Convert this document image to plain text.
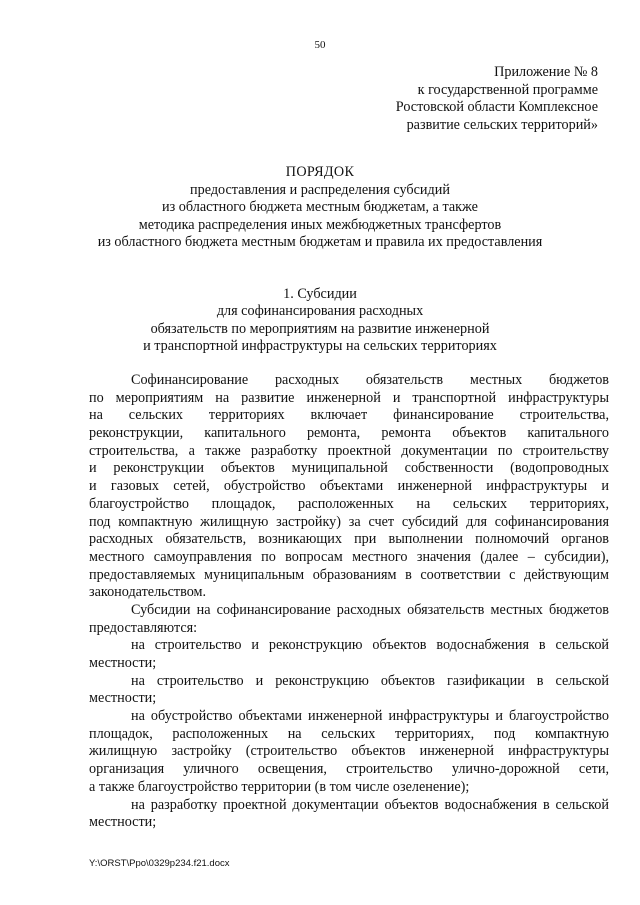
50
Приложение № 8
к государственной программе
Ростовской области Комплексное
развитие сельских территорий»
ПОРЯДОК
предоставления и распределения субсидий
из областного бюджета местным бюджетам, а также
методика распределения иных межбюджетных трансфертов
из областного бюджета местным бюджетам и правила их предоставления
1. Субсидии
для софинансирования расходных
обязательств по мероприятиям на развитие инженерной
и транспортной инфраструктуры на сельских территориях
Софинансирование расходных обязательств местных бюджетов
по мероприятиям на развитие инженерной и транспортной инфраструктуры
на сельских территориях включает финансирование строительства,
реконструкции, капитального ремонта, ремонта объектов капитального
строительства, а также разработку проектной документации по строительству
и реконструкции объектов муниципальной собственности (водопроводных
и газовых сетей, обустройство объектами инженерной инфраструктуры и
благоустройство площадок, расположенных на сельских территориях,
под компактную жилищную застройку) за счет субсидий для софинансирования
расходных обязательств, возникающих при выполнении полномочий органов
местного самоуправления по вопросам местного значения (далее – субсидии),
предоставляемых муниципальным образованиям в соответствии с действующим
законодательством.
Субсидии на софинансирование расходных обязательств местных бюджетов
предоставляются:
на строительство и реконструкцию объектов водоснабжения в сельской
местности;
на строительство и реконструкцию объектов газификации в сельской
местности;
на обустройство объектами инженерной инфраструктуры и благоустройство
площадок, расположенных на сельских территориях, под компактную
жилищную застройку (строительство объектов инженерной инфраструктуры
организация уличного освещения, строительство улично-дорожной сети,
а также благоустройство территории (в том числе озеленение);
на разработку проектной документации объектов водоснабжения в сельской
местности;
Y:\ORST\Ppo\0329p234.f21.docx
